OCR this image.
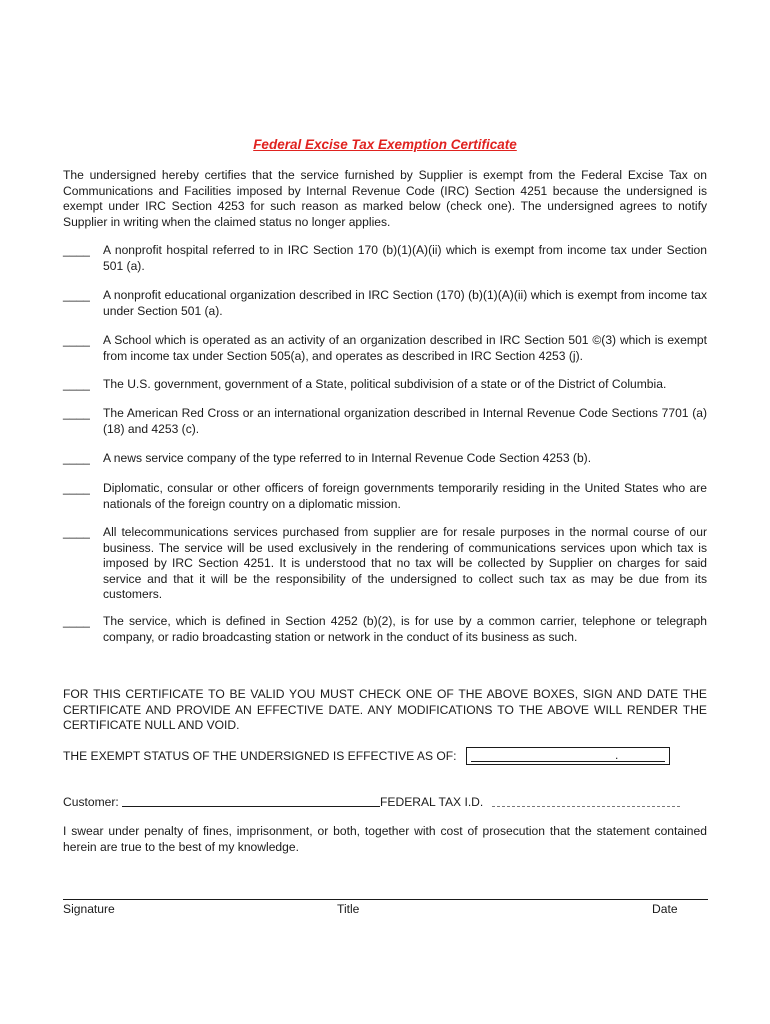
Federal Excise Tax Exemption Certificate
The undersigned hereby certifies that the service furnished by Supplier is exempt from the Federal Excise Tax on Communications and Facilities imposed by Internal Revenue Code (IRC) Section 4251 because the undersigned is exempt under IRC Section 4253 for such reason as marked below (check one). The undersigned agrees to notify Supplier in writing when the claimed status no longer applies.
____	A nonprofit hospital referred to in IRC Section 170 (b)(1)(A)(ii) which is exempt from income tax under Section 501 (a).
____	A nonprofit educational organization described in IRC Section (170) (b)(1)(A)(ii) which is exempt from income tax under Section 501 (a).
____	A School which is operated as an activity of an organization described in IRC Section 501 ©(3) which is exempt from income tax under Section 505(a), and operates as described in IRC Section 4253 (j).
____	The U.S. government, government of a State, political subdivision of a state or of the District of Columbia.
____	The American Red Cross or an international organization described in Internal Revenue Code Sections 7701 (a) (18) and 4253 (c).
____	A news service company of the type referred to in Internal Revenue Code Section 4253 (b).
____	Diplomatic, consular or other officers of foreign governments temporarily residing in the United States who are nationals of the foreign country on a diplomatic mission.
____	All telecommunications services purchased from supplier are for resale purposes in the normal course of our business. The service will be used exclusively in the rendering of communications services upon which tax is imposed by IRC Section 4251. It is understood that no tax will be collected by Supplier on charges for said service and that it will be the responsibility of the undersigned to collect such tax as may be due from its customers.
____	The service, which is defined in Section 4252 (b)(2), is for use by a common carrier, telephone or telegraph company, or radio broadcasting station or network in the conduct of its business as such.
FOR THIS CERTIFICATE TO BE VALID YOU MUST CHECK ONE OF THE ABOVE BOXES, SIGN AND DATE THE CERTIFICATE AND PROVIDE AN EFFECTIVE DATE. ANY MODIFICATIONS TO THE ABOVE WILL RENDER THE CERTIFICATE NULL AND VOID.
THE EXEMPT STATUS OF THE UNDERSIGNED IS EFFECTIVE AS OF:	.
Customer:	FEDERAL TAX I.D.
I swear under penalty of fines, imprisonment, or both, together with cost of prosecution that the statement contained herein are true to the best of my knowledge.
Signature	Title	Date
